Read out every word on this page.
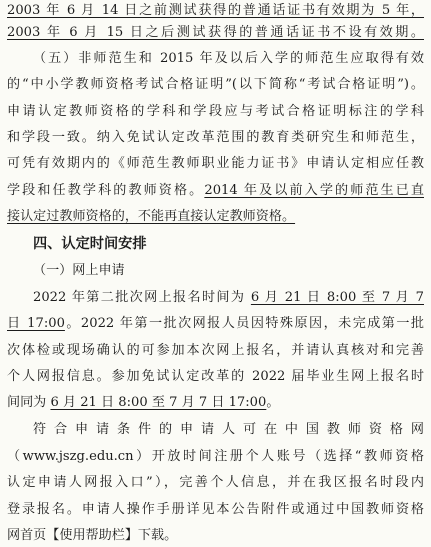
2003 年 6 月 14 日之前测试获得的普通话证书有效期为 5 年，
2003 年 6 月 15 日之后测试获得的普通话证书不设有效期。
（五）非师范生和 2015 年及以后入学的师范生应取得有效
的“中小学教师资格考试合格证明”(以下简称“考试合格证明”)。
申请认定教师资格的学科和学段应与考试合格证明标注的学科
和学段一致。纳入免试认定改革范围的教育类研究生和师范生，
可凭有效期内的《师范生教师职业能力证书》申请认定相应任教
学段和任教学科的教师资格。2014 年及以前入学的师范生已直
接认定过教师资格的，不能再直接认定教师资格。
四、认定时间安排
（一）网上申请
2022 年第二批次网上报名时间为 6 月 21 日 8:00 至 7 月 7
日 17:00。2022 年第一批次网报人员因特殊原因，未完成第一批
次体检或现场确认的可参加本次网上报名，并请认真核对和完善
个人网报信息。参加免试认定改革的 2022 届毕业生网上报名时
间同为 6 月 21 日 8:00 至 7 月 7 日 17:00。
符合申请条件的申请人可在中国教师资格网
（www.jszg.edu.cn）开放时间注册个人账号（选择“教师资格
认定申请人网报入口”），完善个人信息，并在我区报名时段内
登录报名。申请人操作手册详见本公告附件或通过中国教师资格
网首页【使用帮助栏】下载。
